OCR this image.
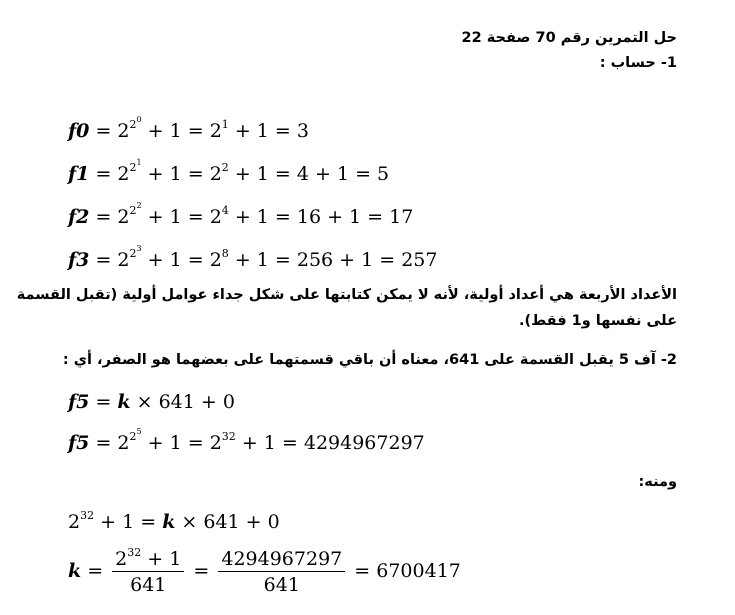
حل التمرين رقم 70 صفحة 22
1- حساب :
$f0 = 2^{2^0} + 1 = 2^1 + 1 = 3$
$f1 = 2^{2^1} + 1 = 2^2 + 1 = 4 + 1 = 5$
$f2 = 2^{2^2} + 1 = 2^4 + 1 = 16 + 1 = 17$
$f3 = 2^{2^3} + 1 = 2^8 + 1 = 256 + 1 = 257$
الأعداد الأربعة هي أعداد أولية، لأنه لا يمكن كتابتها على شكل جداء عوامل أولية (تقبل القسمة
على نفسها و1 فقط).
2- آف 5 يقبل القسمة على 641، معناه أن باقي قسمتهما على بعضهما هو الصفر، أي :
f5 = k × 641 + 0
$f5 = 2^{2^5} + 1 = 2^{32} + 1 = 4294967297$
ومنه:
$2^{32} + 1 = k \times 641 + 0$
$k = \frac{2^{32} + 1}{641} = \frac{4294967297}{641} = 6700417$
